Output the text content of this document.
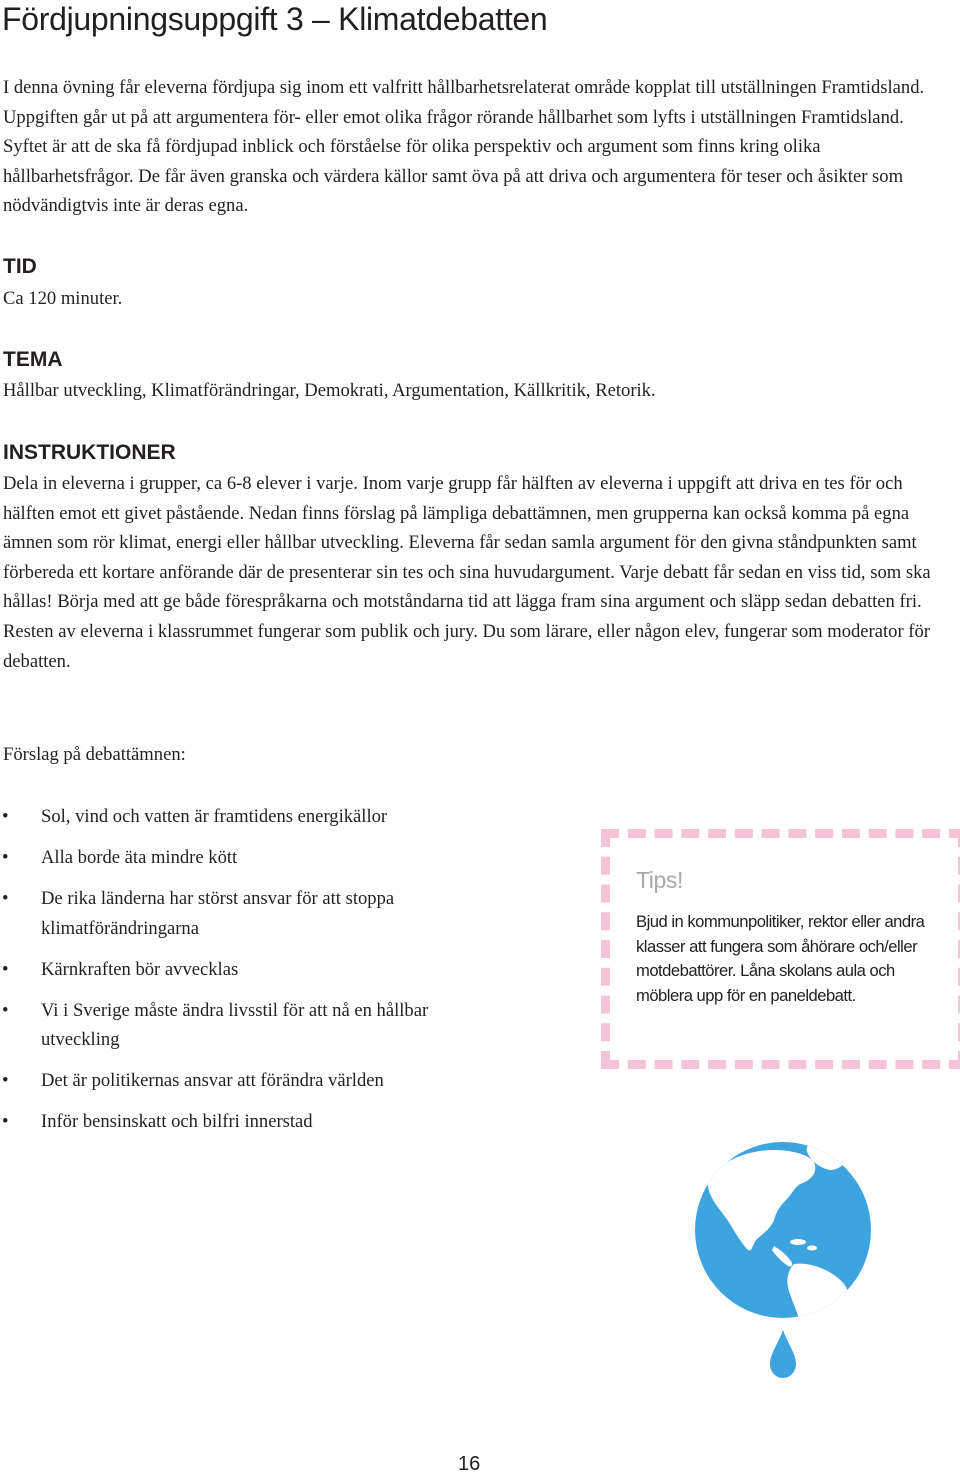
Fördjupningsuppgift 3 – Klimatdebatten

I denna övning får eleverna fördjupa sig inom ett valfritt hållbarhetsrelaterat område kopplat till utställningen Framtidsland. Uppgiften går ut på att argumentera för- eller emot olika frågor rörande hållbarhet som lyfts i utställningen Framtidsland. Syftet är att de ska få fördjupad inblick och förståelse för olika perspektiv och argument som finns kring olika hållbarhetsfrågor. De får även granska och värdera källor samt öva på att driva och argumentera för teser och åsikter som nödvändigtvis inte är deras egna.

TID

Ca 120 minuter.

TEMA

Hållbar utveckling, Klimatförändringar, Demokrati, Argumentation, Källkritik, Retorik.

INSTRUKTIONER

Dela in eleverna i grupper, ca 6-8 elever i varje. Inom varje grupp får hälften av eleverna i uppgift att driva en tes för och hälften emot ett givet påstående. Nedan finns förslag på lämpliga debattämnen, men grupperna kan också komma på egna ämnen som rör klimat, energi eller hållbar utveckling. Eleverna får sedan samla argument för den givna ståndpunkten samt förbereda ett kortare anförande där de presenterar sin tes och sina huvudargument. Varje debatt får sedan en viss tid, som ska hållas! Börja med att ge både förespråkarna och motståndarna tid att lägga fram sina argument och släpp sedan debatten fri. Resten av eleverna i klassrummet fungerar som publik och jury. Du som lärare, eller någon elev, fungerar som moderator för debatten.

Förslag på debattämnen:

• Sol, vind och vatten är framtidens energikällor
• Alla borde äta mindre kött
• De rika länderna har störst ansvar för att stoppa klimatförändringarna
• Kärnkraften bör avvecklas
• Vi i Sverige måste ändra livsstil för att nå en hållbar utveckling
• Det är politikernas ansvar att förändra världen
• Inför bensinskatt och bilfri innerstad

Tips!

Bjud in kommunpolitiker, rektor eller andra klasser att fungera som åhörare och/eller motdebattörer. Låna skolans aula och möblera upp för en paneldebatt.

16
